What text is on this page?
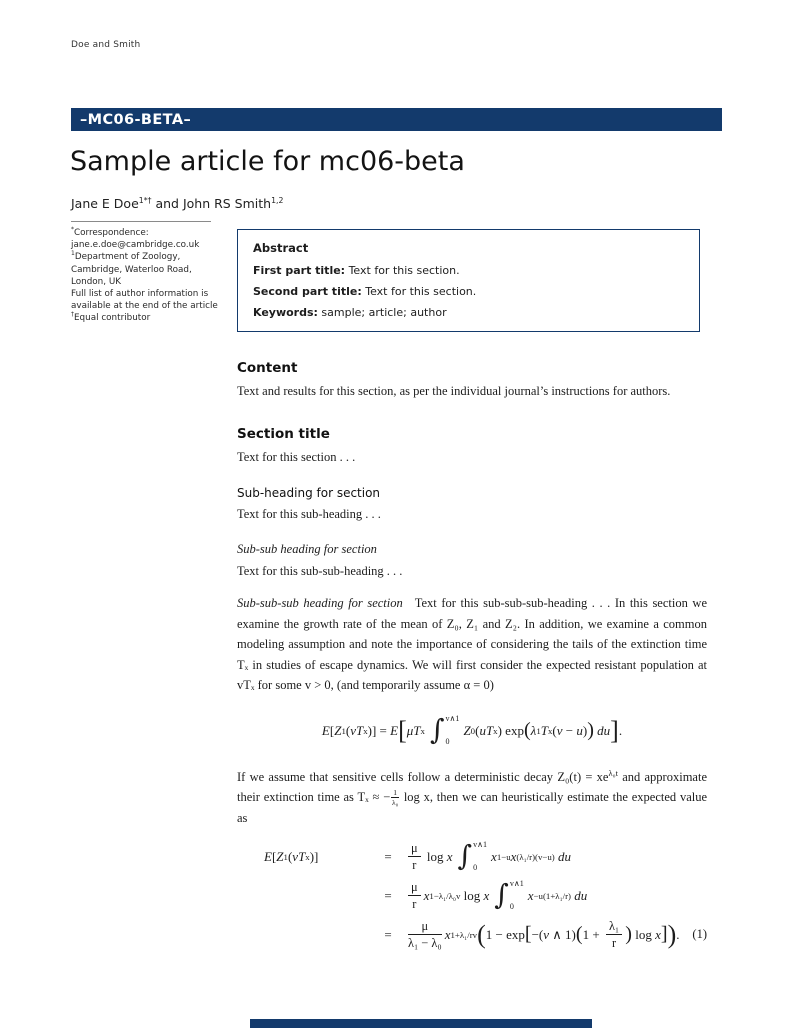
Doe and Smith
–MC06-BETA–
Sample article for mc06-beta
Jane E Doe$^{1*\dagger}$ and John RS Smith$^{1,2}$
*Correspondence:
jane.e.doe@cambridge.co.uk
$^1$Department of Zoology,
Cambridge, Waterloo Road,
London, UK
Full list of author information is
available at the end of the article
†Equal contributor
Abstract
First part title: Text for this section.
Second part title: Text for this section.
Keywords: sample; article; author
Content

Text and results for this section, as per the individual journal’s instructions for authors.

Section title

Text for this section . . .

Sub-heading for section

Text for this sub-heading . . .

Sub-sub heading for section

Text for this sub-sub-heading . . .

Sub-sub-sub heading for section Text for this sub-sub-sub-heading . . . In this section we examine the growth rate of the mean of Z₀, Z₁ and Z₂. In addition, we examine a common modeling assumption and note the importance of considering the tails of the extinction time Tₓ in studies of escape dynamics. We will first consider the expected resistant population at vTₓ for some v > 0, (and temporarily assume α = 0)

E [ Z 1 ( vT x )] = E [ μT x ∫ v∧1
0
Z 0 ( uT x ) exp ( λ 1 T x ( v − u ) ) du ] .

If we assume that sensitive cells follow a deterministic decay $Z_0(t) = xe^{\lambda_0t}$ and approximate their extinction time as Tₓ ≈ − $\frac{1}{\text{λ₀}}$ log x, then we can heuristically estimate the expected value as

E [ Z 1 ( vT x )]	=
μ
r
log x ∫ v∧1
0
x 1−u x (λ₁/r)(v−u) du
=
μ
r
x 1−λ₁/λ₀v log x ∫ v∧1
0
x −u(1+λ₁/r) du
=
μ
λ₁ − λ₀
x 1+λ₁/rv ( 1 − exp [ −( v ∧ 1) ( $1 + \frac{\text{λ₁}}{r}$ ) log x ] ) . (1)
